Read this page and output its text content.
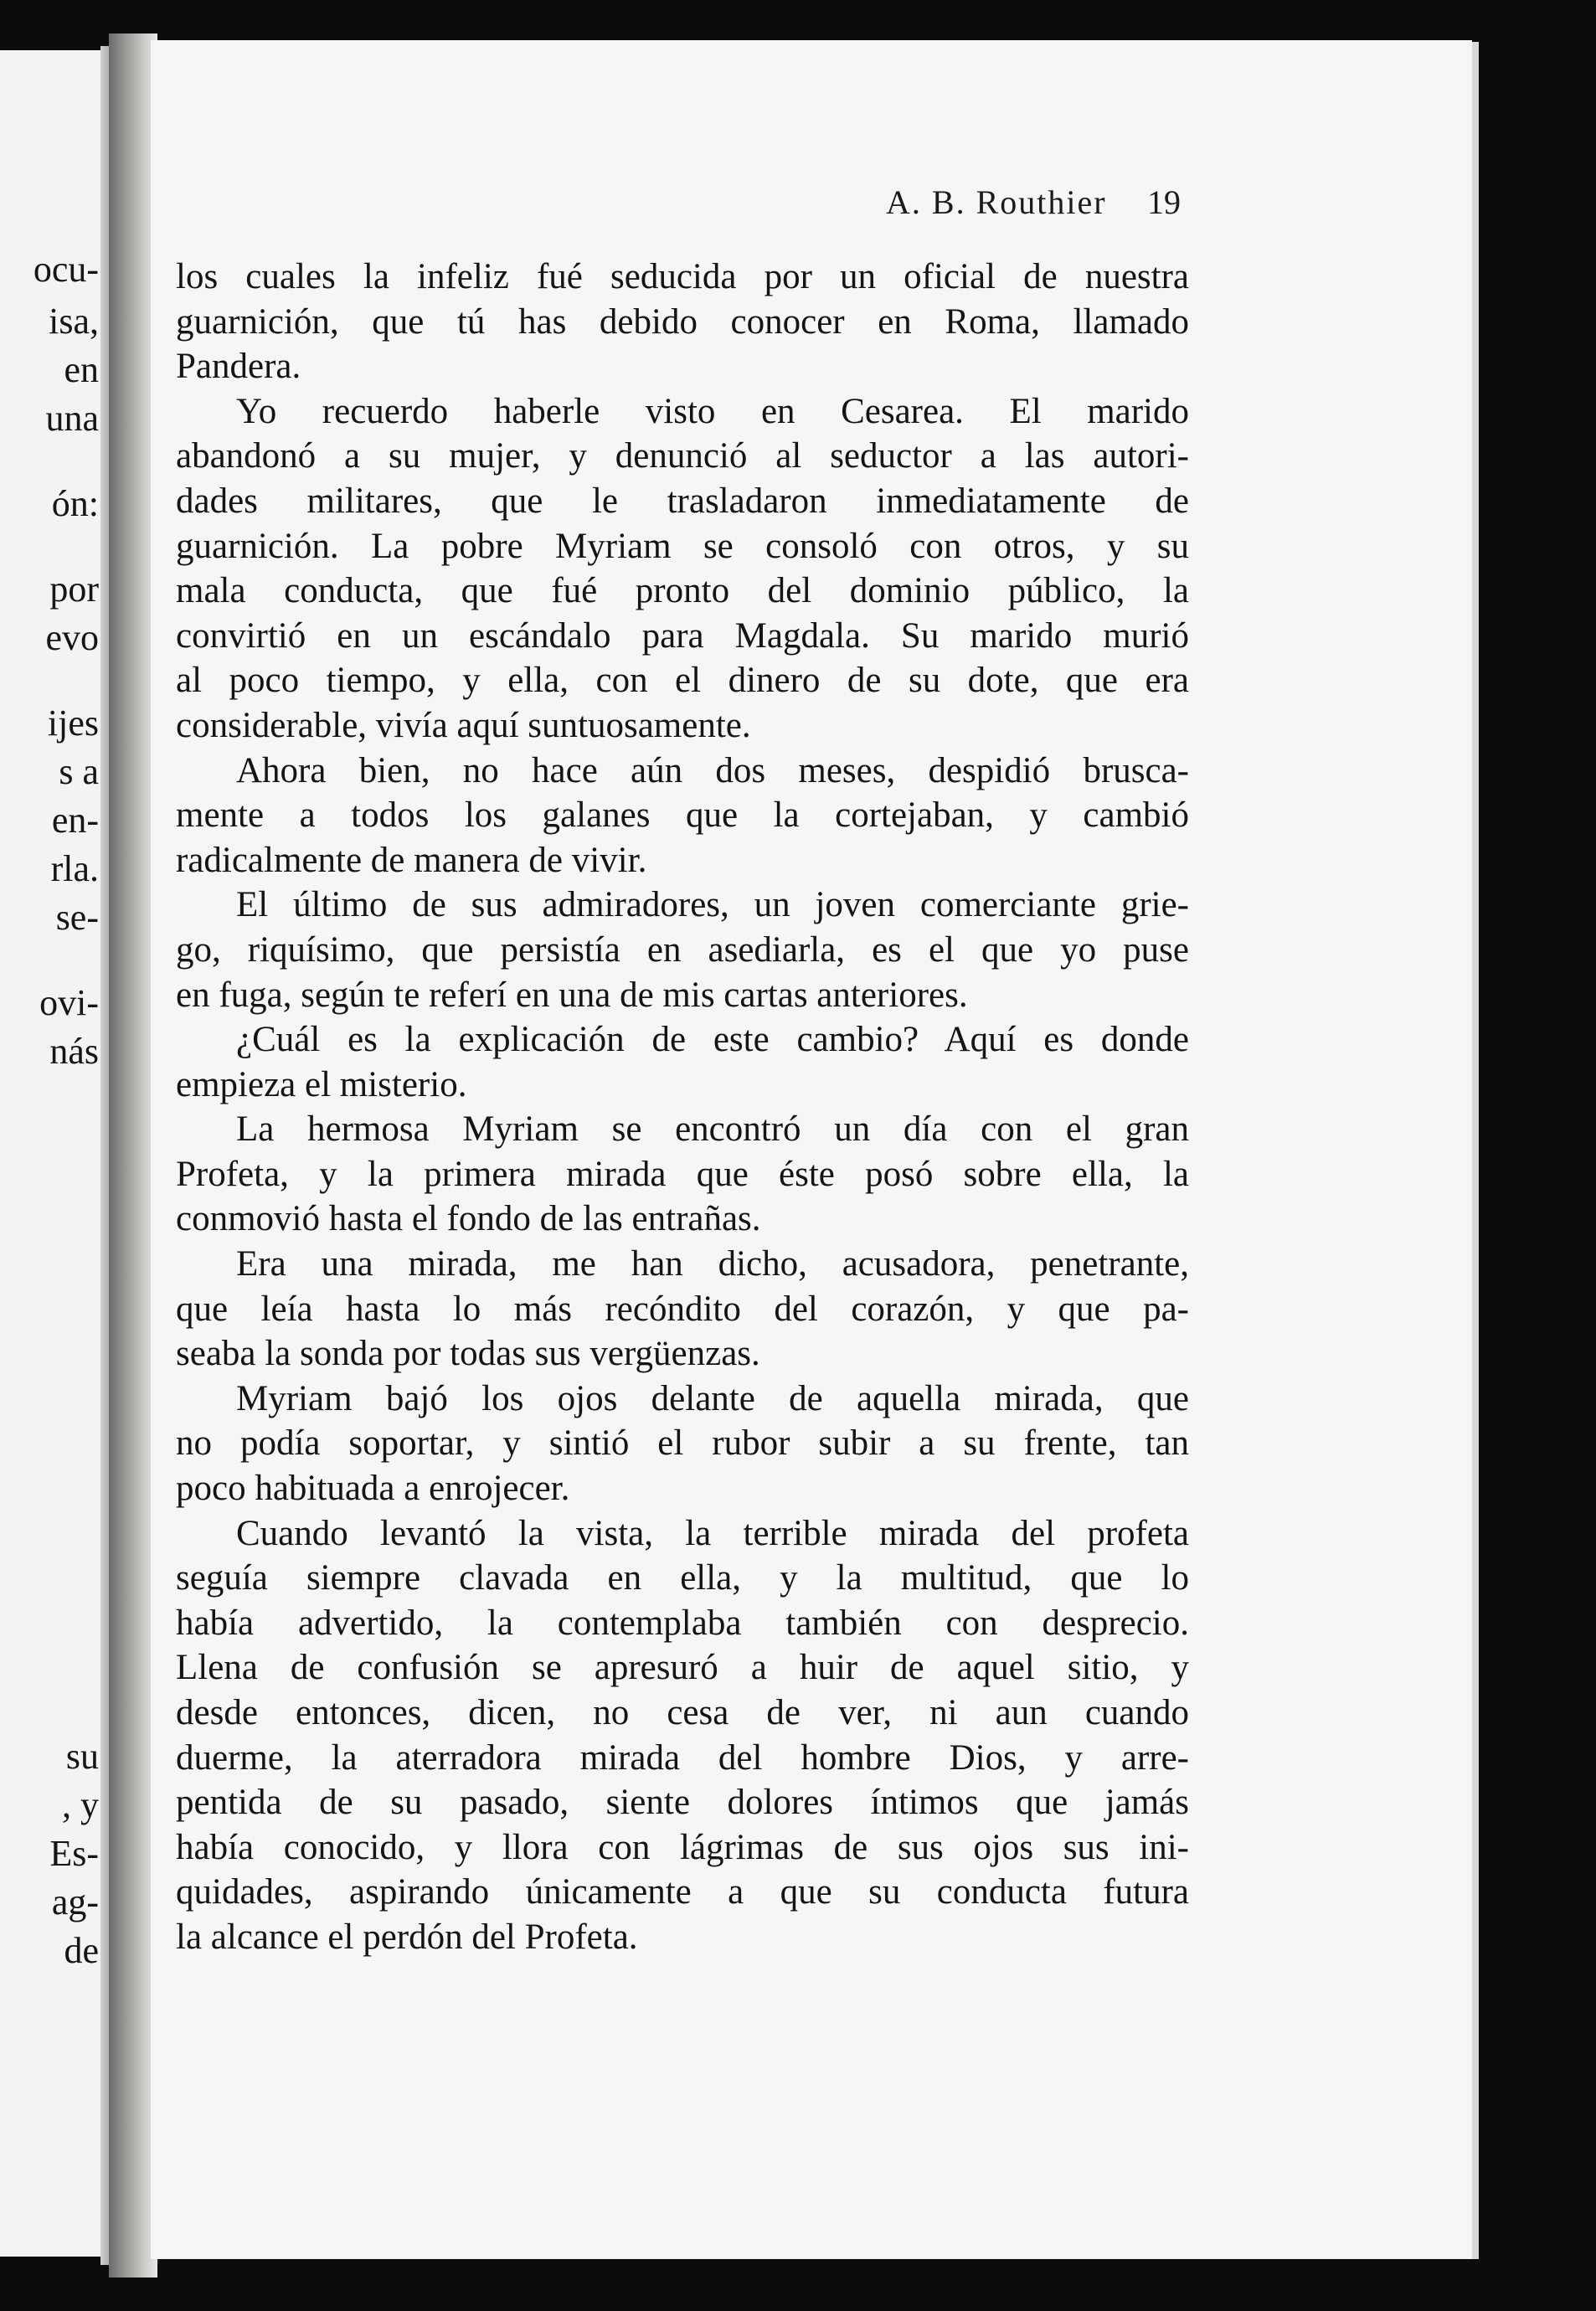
ocu-
isa,
en
una
ón:
por
evo
ijes
s a
en-
rla.
se-
ovi-
nás
su
, y
Es-
ag-
de
A. B. Routhier 19
los cuales la infeliz fué seducida por un oficial de nuestra
guarnición, que tú has debido conocer en Roma, llamado
Pandera.
Yo recuerdo haberle visto en Cesarea. El marido
abandonó a su mujer, y denunció al seductor a las autori-
dades militares, que le trasladaron inmediatamente de
guarnición. La pobre Myriam se consoló con otros, y su
mala conducta, que fué pronto del dominio público, la
convirtió en un escándalo para Magdala. Su marido murió
al poco tiempo, y ella, con el dinero de su dote, que era
considerable, vivía aquí suntuosamente.
Ahora bien, no hace aún dos meses, despidió brusca-
mente a todos los galanes que la cortejaban, y cambió
radicalmente de manera de vivir.
El último de sus admiradores, un joven comerciante grie-
go, riquísimo, que persistía en asediarla, es el que yo puse
en fuga, según te referí en una de mis cartas anteriores.
¿Cuál es la explicación de este cambio? Aquí es donde
empieza el misterio.
La hermosa Myriam se encontró un día con el gran
Profeta, y la primera mirada que éste posó sobre ella, la
conmovió hasta el fondo de las entrañas.
Era una mirada, me han dicho, acusadora, penetrante,
que leía hasta lo más recóndito del corazón, y que pa-
seaba la sonda por todas sus vergüenzas.
Myriam bajó los ojos delante de aquella mirada, que
no podía soportar, y sintió el rubor subir a su frente, tan
poco habituada a enrojecer.
Cuando levantó la vista, la terrible mirada del profeta
seguía siempre clavada en ella, y la multitud, que lo
había advertido, la contemplaba también con desprecio.
Llena de confusión se apresuró a huir de aquel sitio, y
desde entonces, dicen, no cesa de ver, ni aun cuando
duerme, la aterradora mirada del hombre Dios, y arre-
pentida de su pasado, siente dolores íntimos que jamás
había conocido, y llora con lágrimas de sus ojos sus ini-
quidades, aspirando únicamente a que su conducta futura
la alcance el perdón del Profeta.
